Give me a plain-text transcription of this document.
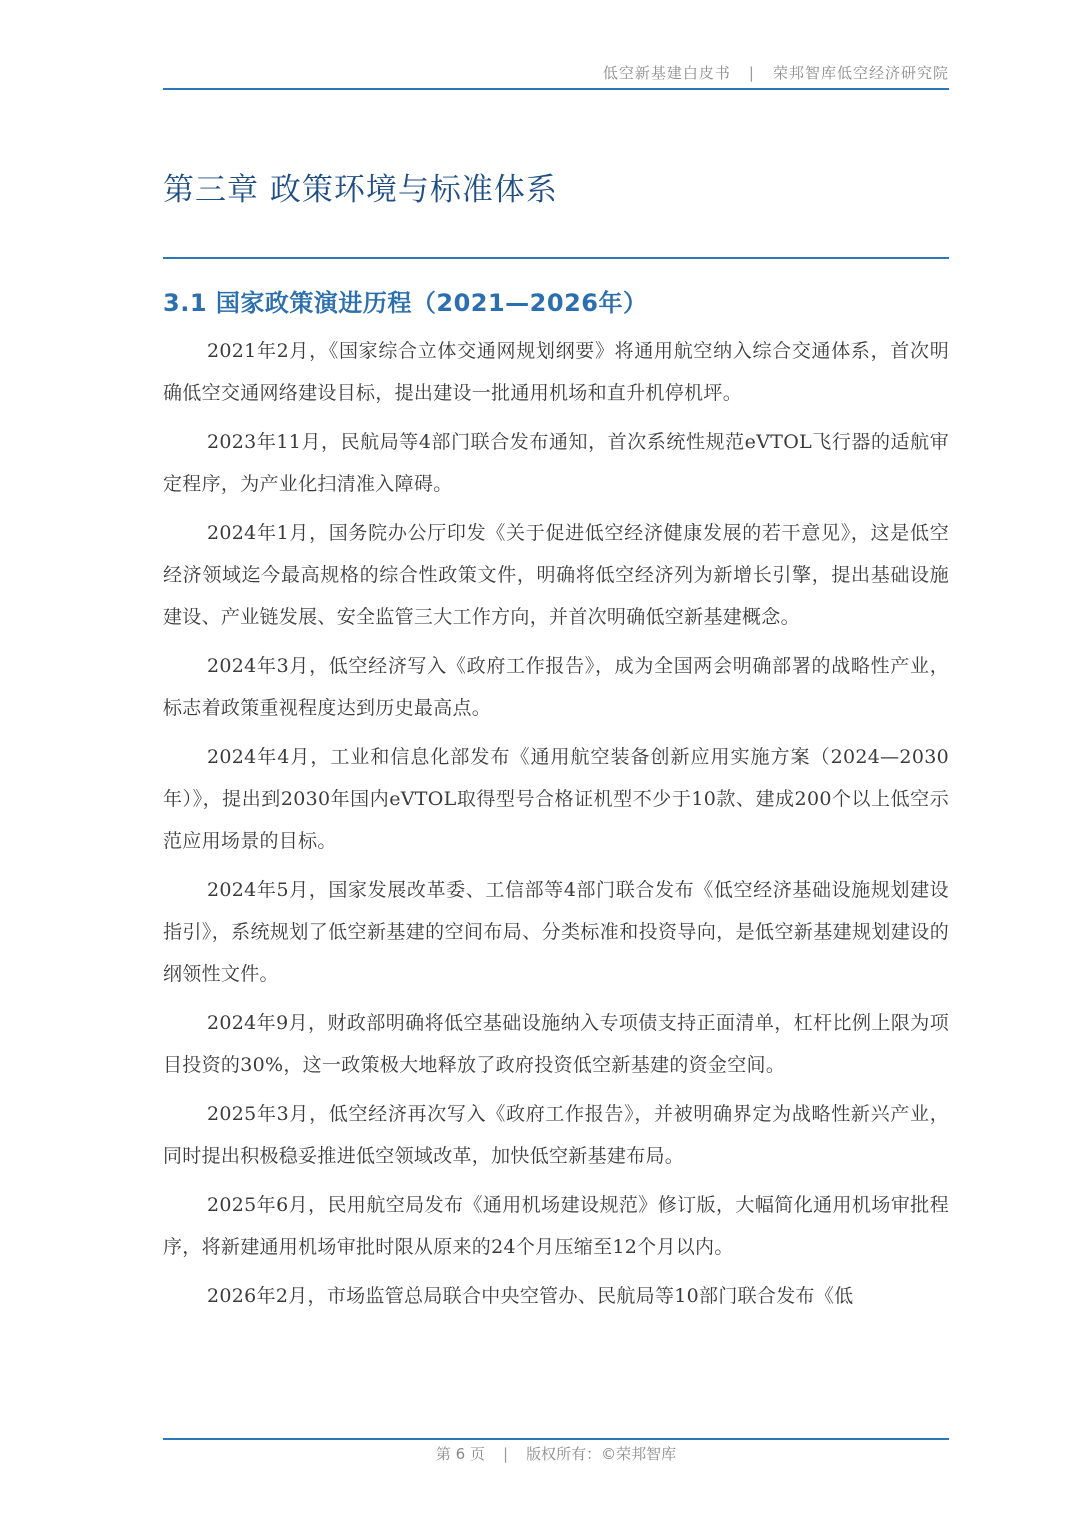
低空新基建白皮书 | 荣邦智库低空经济研究院
第三章 政策环境与标准体系
3.1 国家政策演进历程（2021—2026年）

2021年2月，《国家综合立体交通网规划纲要》将通用航空纳入综合交通体系，首次明确低空交通网络建设目标，提出建设一批通用机场和直升机停机坪。

2023年11月，民航局等4部门联合发布通知，首次系统性规范eVTOL飞行器的适航审定程序，为产业化扫清准入障碍。

2024年1月，国务院办公厅印发《关于促进低空经济健康发展的若干意见》，这是低空经济领域迄今最高规格的综合性政策文件，明确将低空经济列为新增长引擎，提出基础设施建设、产业链发展、安全监管三大工作方向，并首次明确低空新基建概念。

2024年3月，低空经济写入《政府工作报告》，成为全国两会明确部署的战略性产业，标志着政策重视程度达到历史最高点。

2024年4月，工业和信息化部发布《通用航空装备创新应用实施方案（2024—2030年）》，提出到2030年国内eVTOL取得型号合格证机型不少于10款、建成200个以上低空示范应用场景的目标。

2024年5月，国家发展改革委、工信部等4部门联合发布《低空经济基础设施规划建设指引》，系统规划了低空新基建的空间布局、分类标准和投资导向，是低空新基建规划建设的纲领性文件。

2024年9月，财政部明确将低空基础设施纳入专项债支持正面清单，杠杆比例上限为项目投资的30%，这一政策极大地释放了政府投资低空新基建的资金空间。

2025年3月，低空经济再次写入《政府工作报告》，并被明确界定为战略性新兴产业，同时提出积极稳妥推进低空领域改革，加快低空新基建布局。

2025年6月，民用航空局发布《通用机场建设规范》修订版，大幅简化通用机场审批程序，将新建通用机场审批时限从原来的24个月压缩至12个月以内。

2026年2月，市场监管总局联合中央空管办、民航局等10部门联合发布《低

第 6 页 | 版权所有：©荣邦智库
